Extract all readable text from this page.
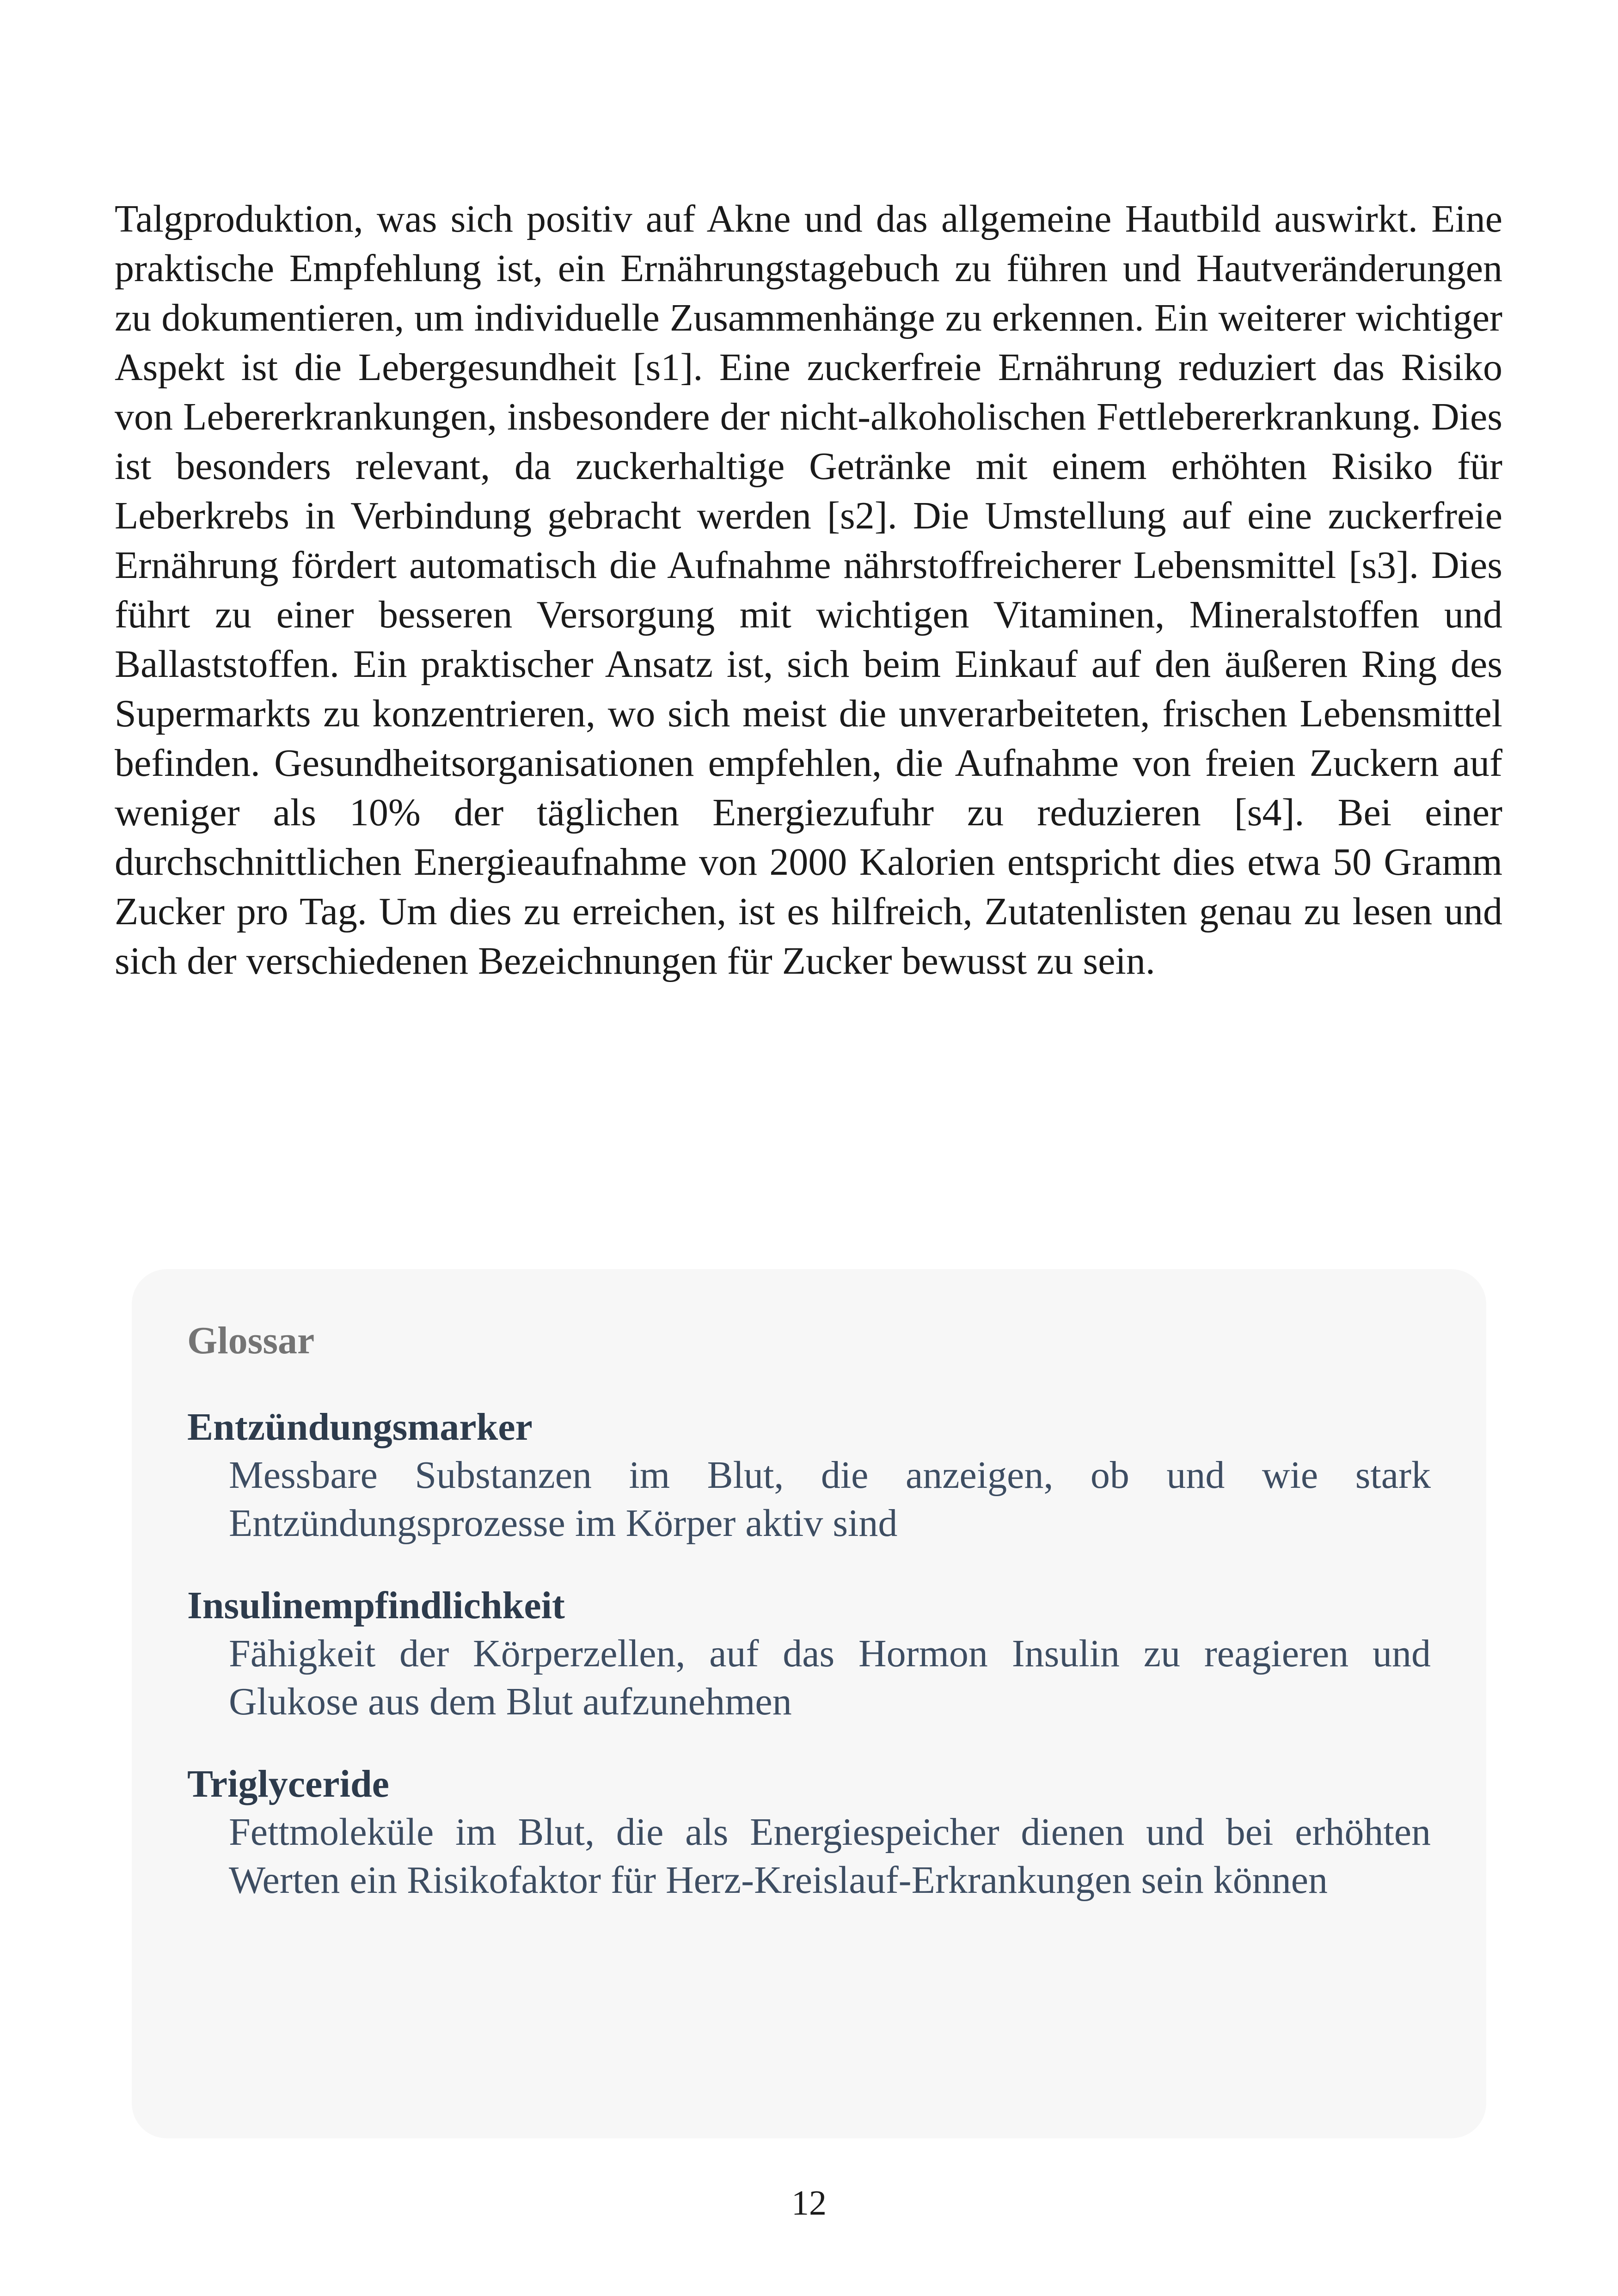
Talgproduktion, was sich positiv auf Akne und das allgemeine Hautbild auswirkt. Eine praktische Empfehlung ist, ein Ernährungstagebuch zu führen und Hautveränderungen zu dokumentieren, um individuelle Zusammenhänge zu erkennen. Ein weiterer wichtiger Aspekt ist die Lebergesundheit [s1]. Eine zuckerfreie Ernährung reduziert das Risiko von Lebererkrankungen, insbesondere der nicht-alkoholischen Fettlebererkrankung. Dies ist besonders relevant, da zuckerhaltige Getränke mit einem erhöhten Risiko für Leberkrebs in Verbindung gebracht werden [s2]. Die Umstellung auf eine zuckerfreie Ernährung fördert automatisch die Aufnahme nährstoffreicherer Lebensmittel [s3]. Dies führt zu einer besseren Versorgung mit wichtigen Vitaminen, Mineralstoffen und Ballaststoffen. Ein praktischer Ansatz ist, sich beim Einkauf auf den äußeren Ring des Supermarkts zu konzentrieren, wo sich meist die unverarbeiteten, frischen Lebensmittel befinden. Gesundheitsorganisationen empfehlen, die Aufnahme von freien Zuckern auf weniger als 10% der täglichen Energiezufuhr zu reduzieren [s4]. Bei einer durchschnittlichen Energieaufnahme von 2000 Kalorien entspricht dies etwa 50 Gramm Zucker pro Tag. Um dies zu erreichen, ist es hilfreich, Zutatenlisten genau zu lesen und sich der verschiedenen Bezeichnungen für Zucker bewusst zu sein.

Glossar

Entzündungsmarker

Messbare Substanzen im Blut, die anzeigen, ob und wie stark Entzündungsprozesse im Körper aktiv sind

Insulinempfindlichkeit

Fähigkeit der Körperzellen, auf das Hormon Insulin zu reagieren und Glukose aus dem Blut aufzunehmen

Triglyceride

Fettmoleküle im Blut, die als Energiespeicher dienen und bei erhöhten Werten ein Risikofaktor für Herz-Kreislauf-Erkrankungen sein können

12
